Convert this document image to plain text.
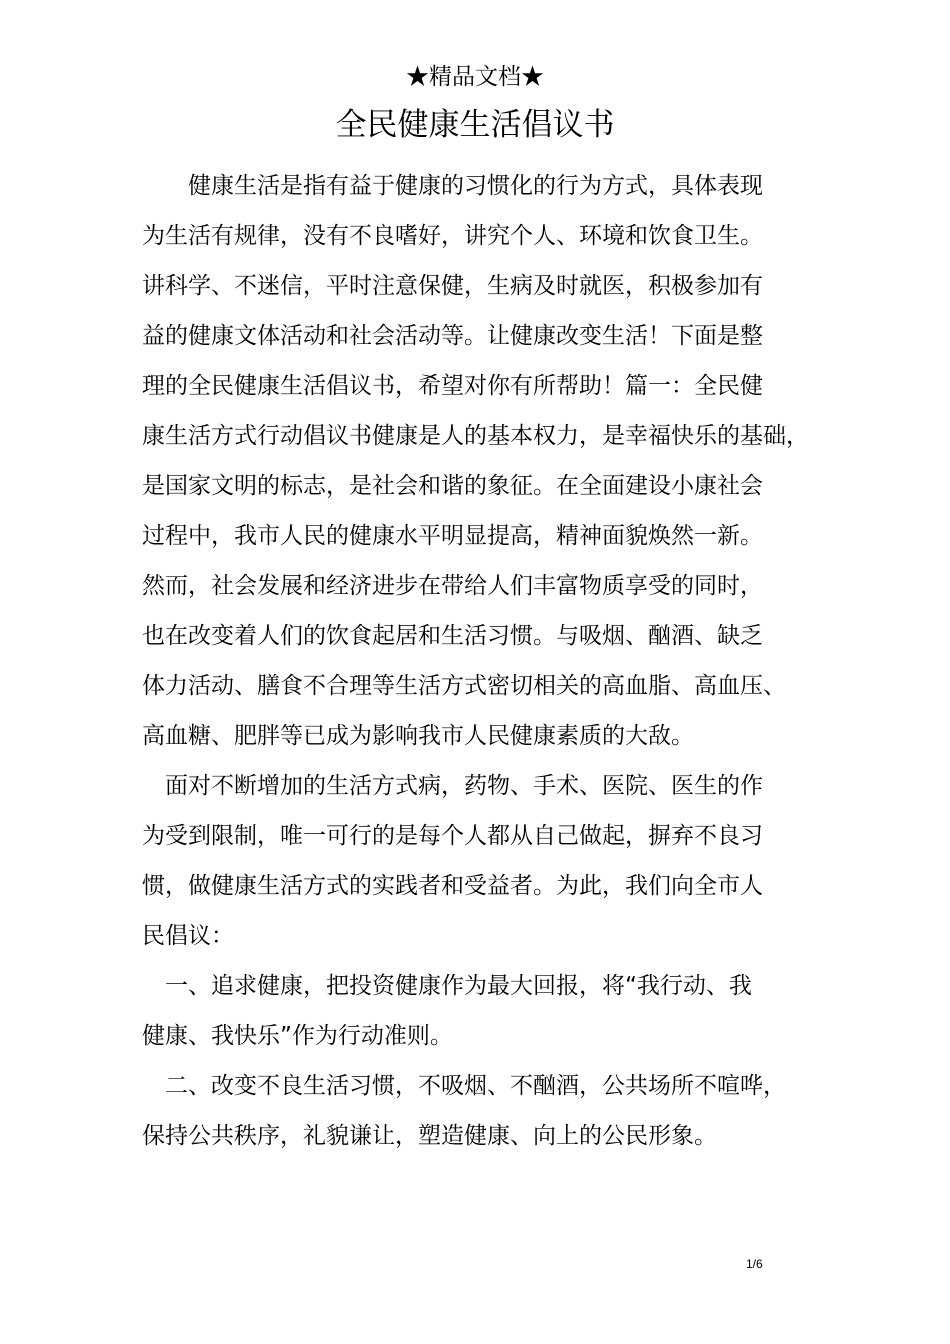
★精品文档★
全民健康生活倡议书
　　健康生活是指有益于健康的习惯化的行为方式，具体表现
为生活有规律，没有不良嗜好，讲究个人、环境和饮食卫生。
讲科学、不迷信，平时注意保健，生病及时就医，积极参加有
益的健康文体活动和社会活动等。让健康改变生活！下面是整
理的全民健康生活倡议书，希望对你有所帮助！篇一：全民健
康生活方式行动倡议书健康是人的基本权力，是幸福快乐的基础，
是国家文明的标志，是社会和谐的象征。在全面建设小康社会
过程中，我市人民的健康水平明显提高，精神面貌焕然一新。
然而，社会发展和经济进步在带给人们丰富物质享受的同时，
也在改变着人们的饮食起居和生活习惯。与吸烟、酗酒、缺乏
体力活动、膳食不合理等生活方式密切相关的高血脂、高血压、
高血糖、肥胖等已成为影响我市人民健康素质的大敌。
　面对不断增加的生活方式病，药物、手术、医院、医生的作
为受到限制，唯一可行的是每个人都从自己做起，摒弃不良习
惯，做健康生活方式的实践者和受益者。为此，我们向全市人
民倡议：
　一、追求健康，把投资健康作为最大回报，将“我行动、我
健康、我快乐”作为行动准则。
　二、改变不良生活习惯，不吸烟、不酗酒，公共场所不喧哗，
保持公共秩序，礼貌谦让，塑造健康、向上的公民形象。
1/6
